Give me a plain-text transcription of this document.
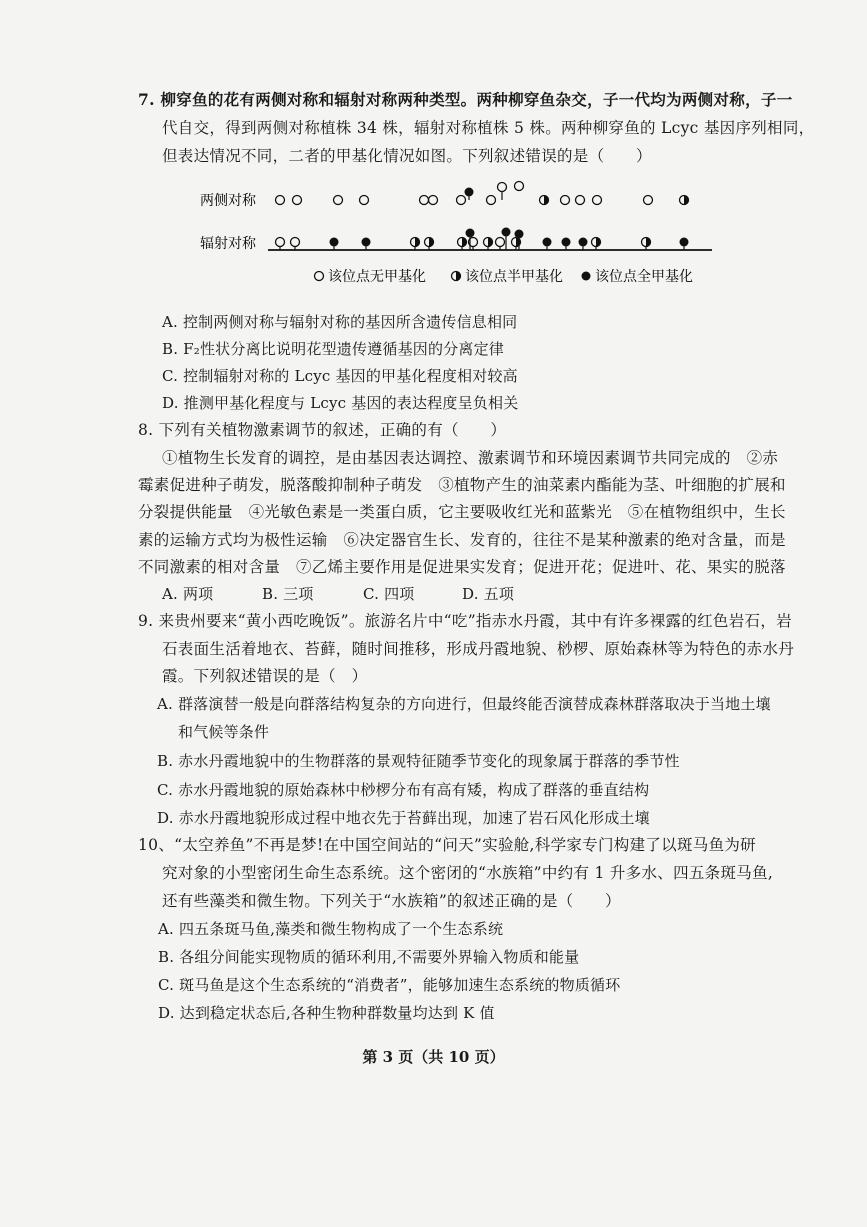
7. 柳穿鱼的花有两侧对称和辐射对称两种类型。两种柳穿鱼杂交，子一代均为两侧对称，子一
代自交，得到两侧对称植株 34 株，辐射对称植株 5 株。两种柳穿鱼的 Lcyc 基因序列相同，
但表达情况不同，二者的甲基化情况如图。下列叙述错误的是（　　）
两侧对称
辐射对称
该位点无甲基化	该位点半甲基化 该位点全甲基化
A. 控制两侧对称与辐射对称的基因所含遗传信息相同
B. F₂性状分离比说明花型遗传遵循基因的分离定律
C. 控制辐射对称的 Lcyc 基因的甲基化程度相对较高
D. 推测甲基化程度与 Lcyc 基因的表达程度呈负相关
8. 下列有关植物激素调节的叙述，正确的有（　　）
①植物生长发育的调控，是由基因表达调控、激素调节和环境因素调节共同完成的　②赤
霉素促进种子萌发，脱落酸抑制种子萌发　③植物产生的油菜素内酯能为茎、叶细胞的扩展和
分裂提供能量　④光敏色素是一类蛋白质，它主要吸收红光和蓝紫光　⑤在植物组织中，生长
素的运输方式均为极性运输　⑥决定器官生长、发育的，往往不是某种激素的绝对含量，而是
不同激素的相对含量　⑦乙烯主要作用是促进果实发育；促进开花；促进叶、花、果实的脱落
A. 两项	B. 三项	C. 四项	D. 五项
9. 来贵州要来“黄小西吃晚饭”。旅游名片中“吃”指赤水丹霞，其中有许多裸露的红色岩石，岩
石表面生活着地衣、苔藓，随时间推移，形成丹霞地貌、桫椤、原始森林等为特色的赤水丹
霞。下列叙述错误的是（　）
A. 群落演替一般是向群落结构复杂的方向进行，但最终能否演替成森林群落取决于当地土壤
和气候等条件
B. 赤水丹霞地貌中的生物群落的景观特征随季节变化的现象属于群落的季节性
C. 赤水丹霞地貌的原始森林中桫椤分布有高有矮，构成了群落的垂直结构
D. 赤水丹霞地貌形成过程中地衣先于苔藓出现，加速了岩石风化形成土壤
10、“太空养鱼”不再是梦!在中国空间站的“问天”实验舱,科学家专门构建了以斑马鱼为研
究对象的小型密闭生命生态系统。这个密闭的“水族箱”中约有 1 升多水、四五条斑马鱼,
还有些藻类和微生物。下列关于“水族箱”的叙述正确的是（　　）
A. 四五条斑马鱼,藻类和微生物构成了一个生态系统
B. 各组分间能实现物质的循环利用,不需要外界输入物质和能量
C. 斑马鱼是这个生态系统的“消费者”，能够加速生态系统的物质循环
D. 达到稳定状态后,各种生物种群数量均达到 K 值
第 3 页（共 10 页）
